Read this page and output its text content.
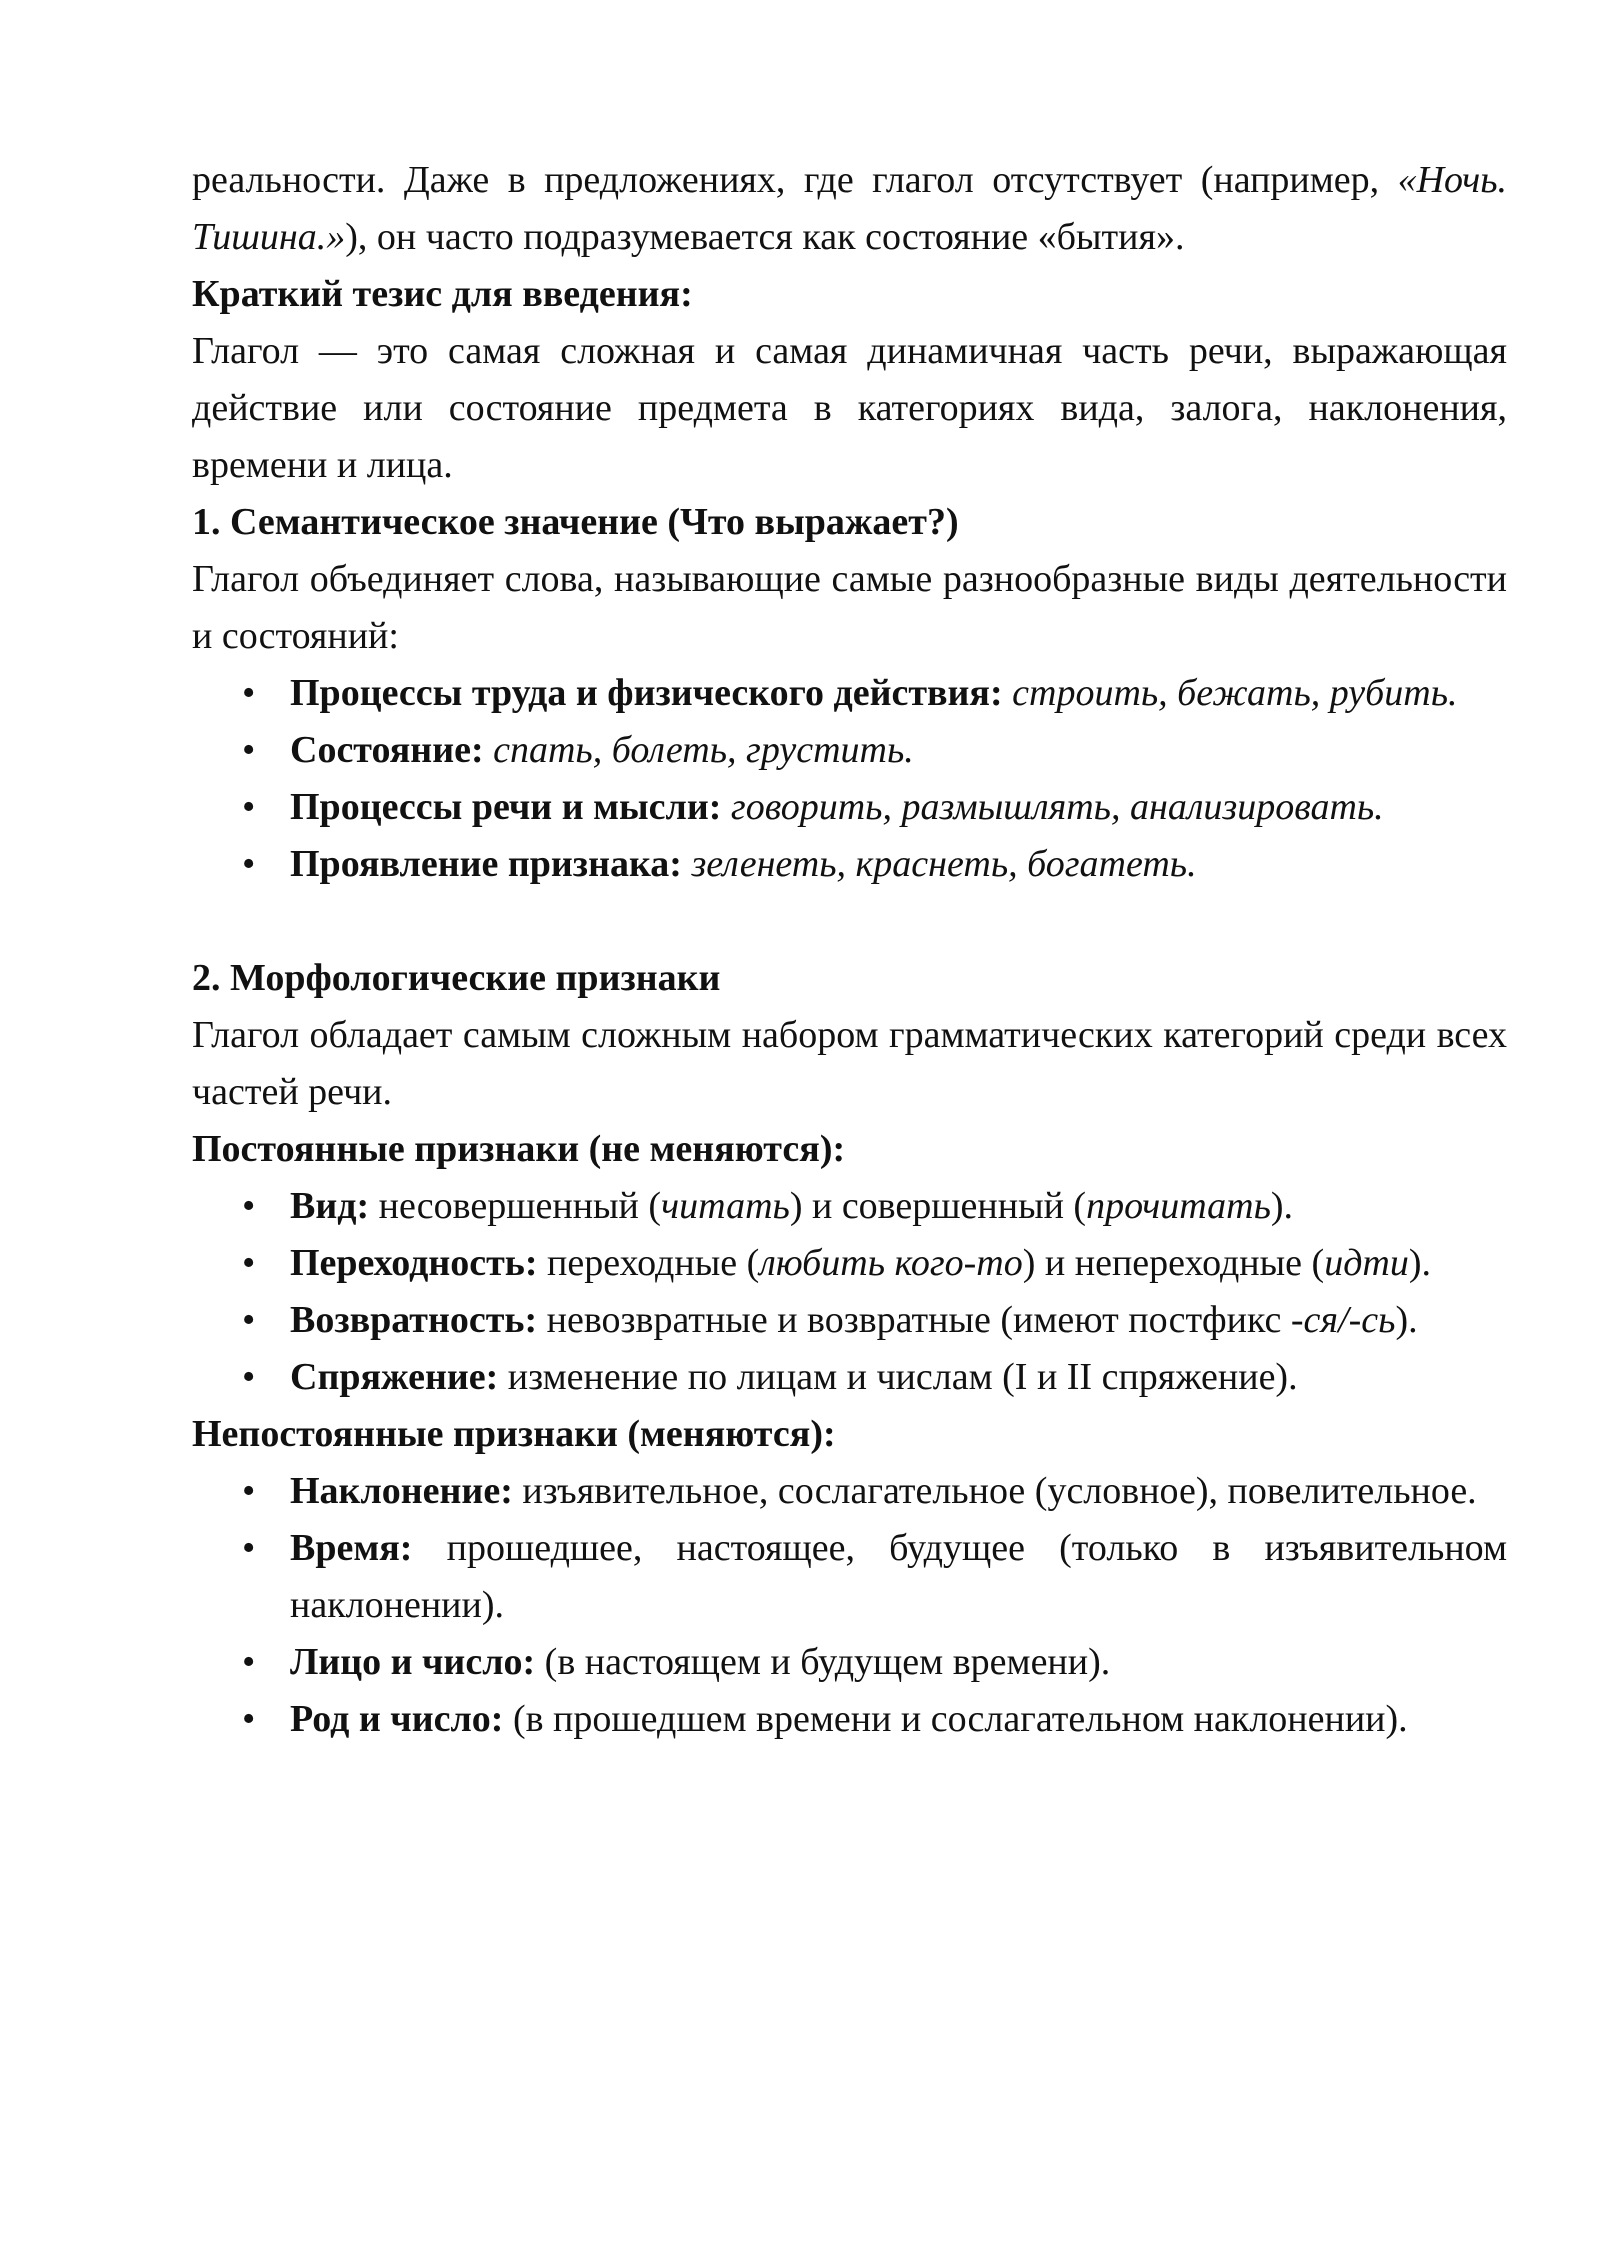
реальности. Даже в предложениях, где глагол отсутствует (например, «Ночь. Тишина.»), он часто подразумевается как состояние «бытия».

Краткий тезис для введения:

Глагол — это самая сложная и самая динамичная часть речи, выражающая действие или состояние предмета в категориях вида, залога, наклонения, времени и лица.

1. Семантическое значение (Что выражает?)

Глагол объединяет слова, называющие самые разнообразные виды деятельности и состояний:

• Процессы труда и физического действия: строить, бежать, рубить.
• Состояние: спать, болеть, грустить.
• Процессы речи и мысли: говорить, размышлять, анализировать.
• Проявление признака: зеленеть, краснеть, богатеть.
2. Морфологические признаки

Глагол обладает самым сложным набором грамматических категорий среди всех частей речи.

Постоянные признаки (не меняются):
• Вид: несовершенный (читать) и совершенный (прочитать).
• Переходность: переходные (любить кого-то) и непереходные (идти).
• Возвратность: невозвратные и возвратные (имеют постфикс -ся/-сь).
• Спряжение: изменение по лицам и числам (I и II спряжение).
Непостоянные признаки (меняются):
• Наклонение: изъявительное, сослагательное (условное), повелительное.
• Время: прошедшее, настоящее, будущее (только в изъявительном наклонении).
• Лицо и число: (в настоящем и будущем времени).
• Род и число: (в прошедшем времени и сослагательном наклонении).
